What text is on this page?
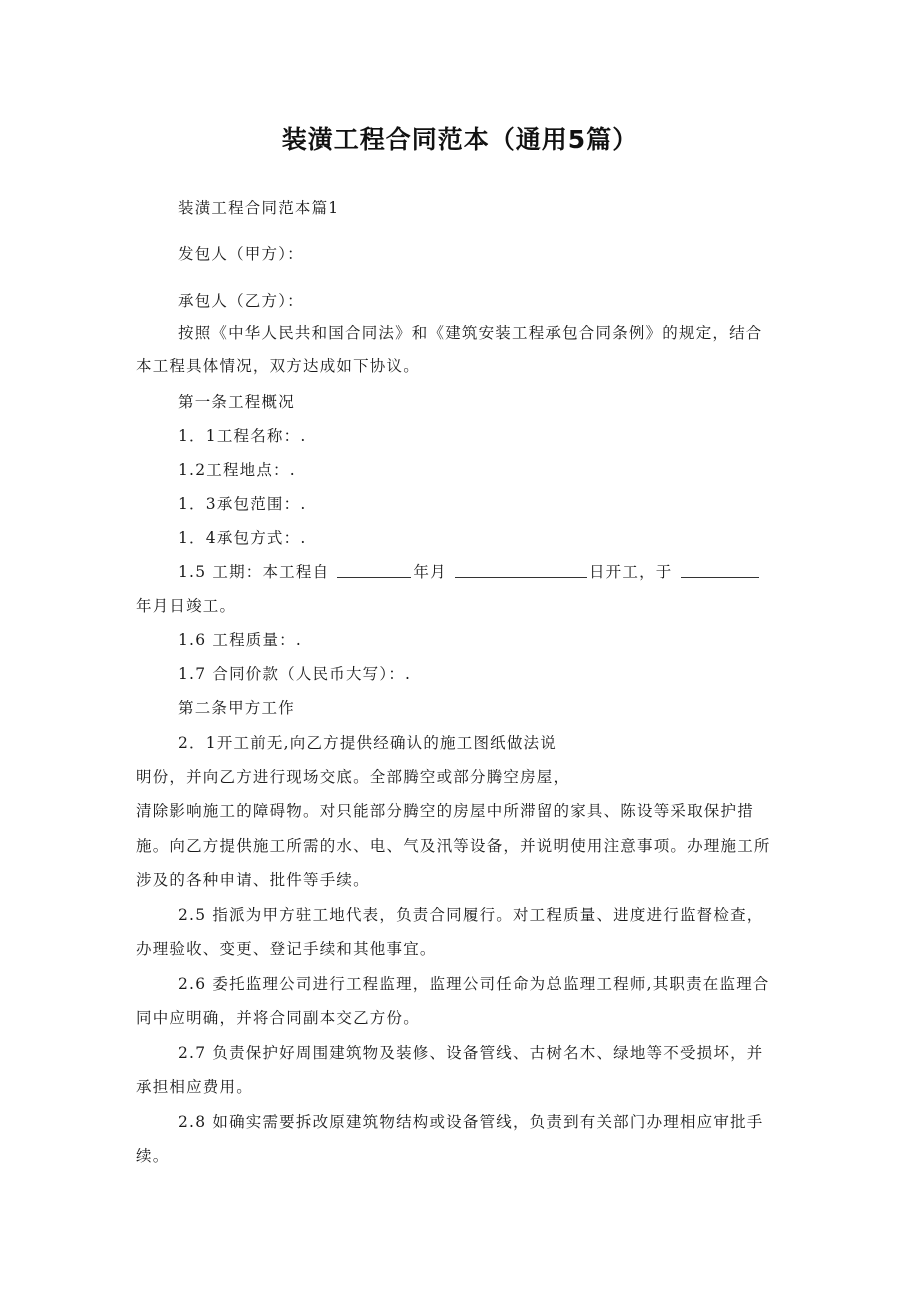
装潢工程合同范本（通用5篇）
装潢工程合同范本篇1
发包人（甲方）：
承包人（乙方）：
按照《中华人民共和国合同法》和《建筑安装工程承包合同条例》的规定，结合
本工程具体情况，双方达成如下协议。
第一条工程概况
1．1工程名称：.
1.2工程地点：.
1．3承包范围：.
1．4承包方式：.
1.5 工期：本工程自	年月	日开工，于
年月日竣工。
1.6 工程质量：.
1.7 合同价款（人民币大写）：.
第二条甲方工作
2．1开工前无,向乙方提供经确认的施工图纸做法说
明份，并向乙方进行现场交底。全部腾空或部分腾空房屋，
清除影响施工的障碍物。对只能部分腾空的房屋中所滞留的家具、陈设等采取保护措
施。向乙方提供施工所需的水、电、气及汛等设备，并说明使用注意事项。办理施工所
涉及的各种申请、批件等手续。
2.5 指派为甲方驻工地代表，负责合同履行。对工程质量、进度进行监督检查，
办理验收、变更、登记手续和其他事宜。
2.6 委托监理公司进行工程监理，监理公司任命为总监理工程师,其职责在监理合
同中应明确，并将合同副本交乙方份。
2.7 负责保护好周围建筑物及装修、设备管线、古树名木、绿地等不受损坏，并
承担相应费用。
2.8 如确实需要拆改原建筑物结构或设备管线，负责到有关部门办理相应审批手
续。
